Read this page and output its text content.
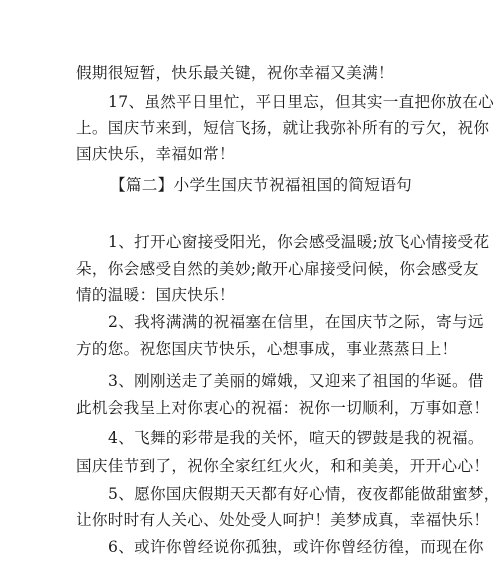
假期很短暂，快乐最关键，祝你幸福又美满！
17、虽然平日里忙，平日里忘，但其实一直把你放在心
上。国庆节来到，短信飞扬，就让我弥补所有的亏欠，祝你
国庆快乐，幸福如常！
【篇二】小学生国庆节祝福祖国的简短语句
1、打开心窗接受阳光，你会感受温暖;放飞心情接受花
朵，你会感受自然的美妙;敞开心扉接受问候，你会感受友
情的温暖：国庆快乐！
2、我将满满的祝福塞在信里，在国庆节之际，寄与远
方的您。祝您国庆节快乐，心想事成，事业蒸蒸日上！
3、刚刚送走了美丽的嫦娥，又迎来了祖国的华诞。借
此机会我呈上对你衷心的祝福：祝你一切顺利，万事如意！
4、飞舞的彩带是我的关怀，喧天的锣鼓是我的祝福。
国庆佳节到了，祝你全家红红火火，和和美美，开开心心！
5、愿你国庆假期天天都有好心情，夜夜都能做甜蜜梦，
让你时时有人关心、处处受人呵护！美梦成真，幸福快乐！
6、或许你曾经说你孤独，或许你曾经彷徨，而现在你
